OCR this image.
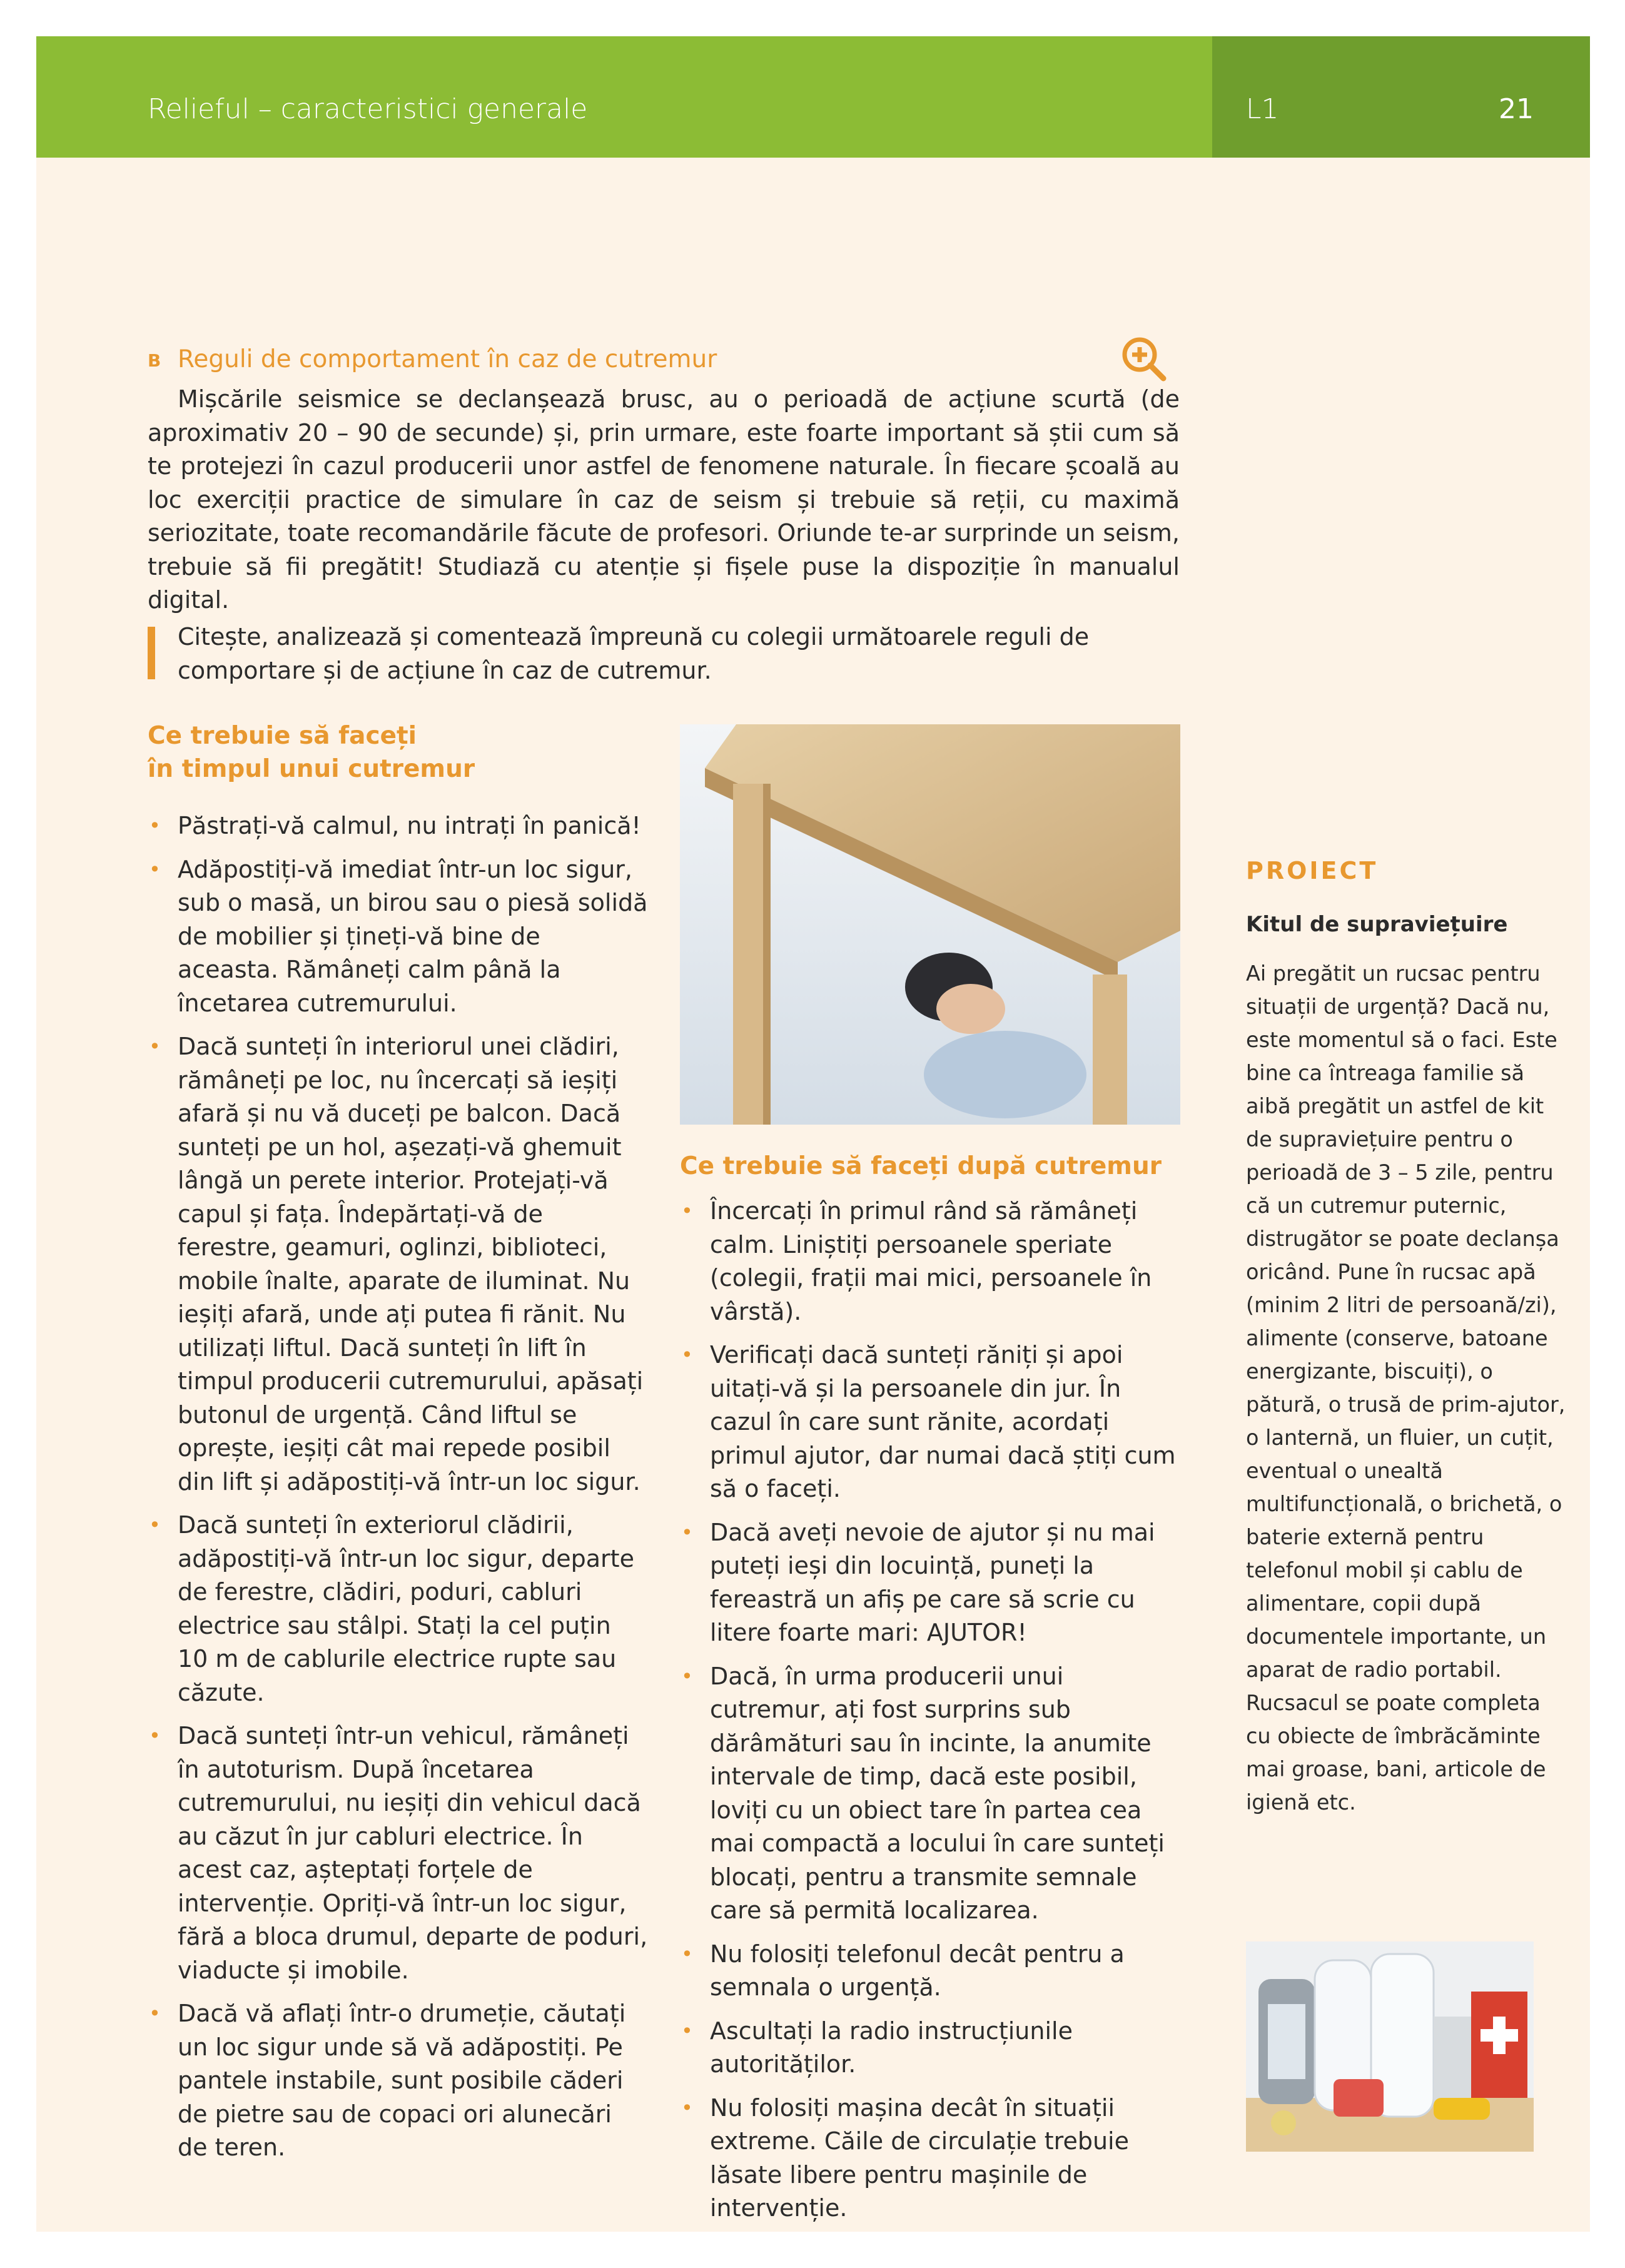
Relieful – caracteristici generale	L1	21
B Reguli de comportament în caz de cutremur

Mișcările seismice se declanșează brusc, au o perioadă de acțiune scurtă (de aproximativ 20 – 90 de secunde) și, prin urmare, este foarte important să știi cum să te protejezi în cazul producerii unor astfel de fenomene naturale. În fiecare școală au loc exerciții practice de simulare în caz de seism și trebuie să reții, cu maximă seriozitate, toate recomandările făcute de profesori. Oriunde te-ar surprinde un seism, trebuie să fii pregătit! Studiază cu atenție și fișele puse la dispoziție în manualul digital.

Citește, analizează și comentează împreună cu colegii următoarele reguli de comportare și de acțiune în caz de cutremur.

Ce trebuie să faceți
în timpul unui cutremur
• Păstrați-vă calmul, nu intrați în panică!
• Adăpostiți-vă imediat într-un loc sigur, sub o masă, un birou sau o piesă solidă de mobilier și țineți-vă bine de aceasta. Rămâneți calm până la încetarea cutremurului.
• Dacă sunteți în interiorul unei clădiri, rămâneți pe loc, nu încercați să ieșiți afară și nu vă duceți pe balcon. Dacă sunteți pe un hol, așezați-vă ghemuit lângă un perete interior. Protejați-vă capul și fața. Îndepărtați-vă de ferestre, geamuri, oglinzi, biblioteci, mobile înalte, aparate de iluminat. Nu ieșiți afară, unde ați putea fi rănit. Nu utilizați liftul. Dacă sunteți în lift în timpul producerii cutremurului, apăsați butonul de urgență. Când liftul se oprește, ieșiți cât mai repede posibil din lift și adăpostiți-vă într-un loc sigur.
• Dacă sunteți în exteriorul clădirii, adăpostiți-vă într-un loc sigur, departe de ferestre, clădiri, poduri, cabluri electrice sau stâlpi. Stați la cel puțin 10 m de cablurile electrice rupte sau căzute.
• Dacă sunteți într-un vehicul, rămâneți în autoturism. După încetarea cutremurului, nu ieșiți din vehicul dacă au căzut în jur cabluri electrice. În acest caz, așteptați forțele de intervenție. Opriți-vă într-un loc sigur, fără a bloca drumul, departe de poduri, viaducte și imobile.
• Dacă vă aflați într-o drumeție, căutați un loc sigur unde să vă adăpostiți. Pe pantele instabile, sunt posibile căderi de pietre sau de copaci ori alunecări de teren.
Ce trebuie să faceți după cutremur
• Încercați în primul rând să rămâneți calm. Liniștiți persoanele speriate (colegii, frații mai mici, persoanele în vârstă).
• Verificați dacă sunteți răniți și apoi uitați-vă și la persoanele din jur. În cazul în care sunt rănite, acordați primul ajutor, dar numai dacă știți cum să o faceți.
• Dacă aveți nevoie de ajutor și nu mai puteți ieși din locuință, puneți la fereastră un afiș pe care să scrie cu litere foarte mari: AJUTOR!
• Dacă, în urma producerii unui cutremur, ați fost surprins sub dărâmături sau în incinte, la anumite intervale de timp, dacă este posibil, loviți cu un obiect tare în partea cea mai compactă a locului în care sunteți blocați, pentru a transmite semnale care să permită localizarea.
• Nu folosiți telefonul decât pentru a semnala o urgență.
• Ascultați la radio instrucțiunile autorităților.
• Nu folosiți mașina decât în situații extreme. Căile de circulație trebuie lăsate libere pentru mașinile de intervenție.
PROIECT
Kitul de supraviețuire

Ai pregătit un rucsac pentru situații de urgență? Dacă nu, este momentul să o faci. Este bine ca întreaga familie să aibă pregătit un astfel de kit de supraviețuire pentru o perioadă de 3 – 5 zile, pentru că un cutremur puternic, distrugător se poate declanșa oricând. Pune în rucsac apă (minim 2 litri de persoană/zi), alimente (conserve, batoane energizante, biscuiți), o pătură, o trusă de prim-ajutor, o lanternă, un fluier, un cuțit, eventual o unealtă multifuncțională, o brichetă, o baterie externă pentru telefonul mobil și cablu de alimentare, copii după documentele importante, un aparat de radio portabil. Rucsacul se poate completa cu obiecte de îmbrăcăminte mai groase, bani, articole de igienă etc.
